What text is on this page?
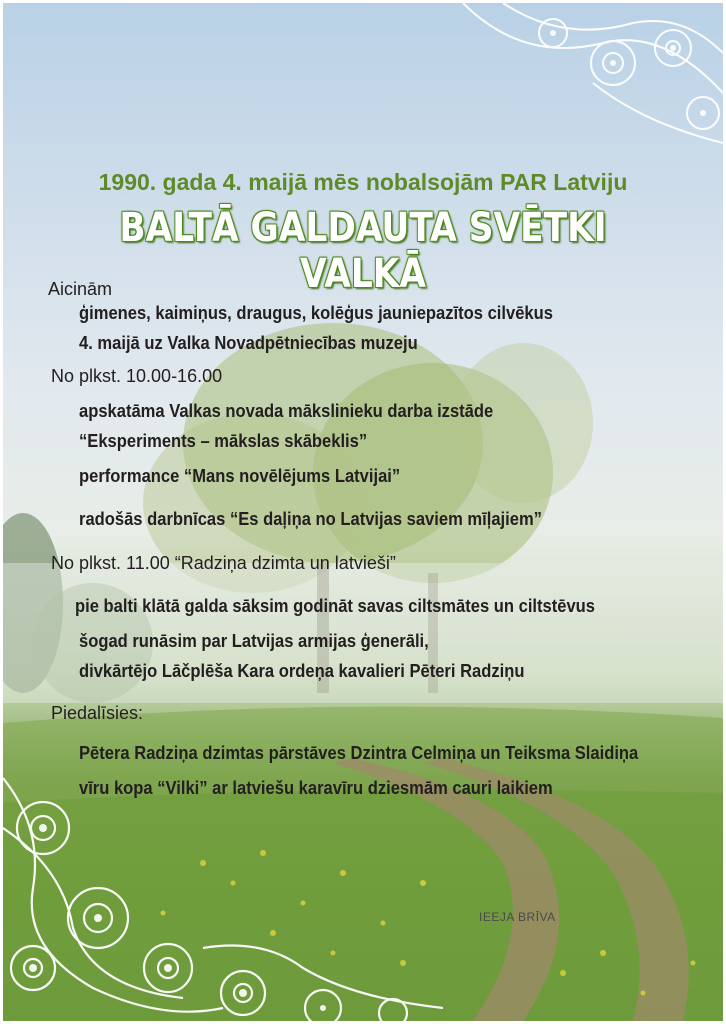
1990. gada 4. maijā mēs nobalsojām PAR Latviju

BALTĀ GALDAUTA SVĒTKI VALKĀ

Aicinām

ģimenes, kaimiņus, draugus, kolēģus jauniepazītos cilvēkus

4. maijā uz Valka Novadpētniecības muzeju

No plkst. 10.00-16.00

apskatāma Valkas novada mākslinieku darba izstāde

“Eksperiments – mākslas skābeklis”

performance “Mans novēlējums Latvijai”

radošās darbnīcas “Es daļiņa no Latvijas saviem mīļajiem”

No plkst. 11.00 “Radziņa dzimta un latvieši”

pie balti klātā galda sāksim godināt savas ciltsmātes un ciltstēvus

šogad runāsim par Latvijas armijas ģenerāli,

divkārtējo Lāčplēša Kara ordeņa kavalieri Pēteri Radziņu

Piedalīsies:

Pētera Radziņa dzimtas pārstāves Dzintra Celmiņa un Teiksma Slaidiņa

vīru kopa “Vilki” ar latviešu karavīru dziesmām cauri laikiem

IEEJA BRĪVA
